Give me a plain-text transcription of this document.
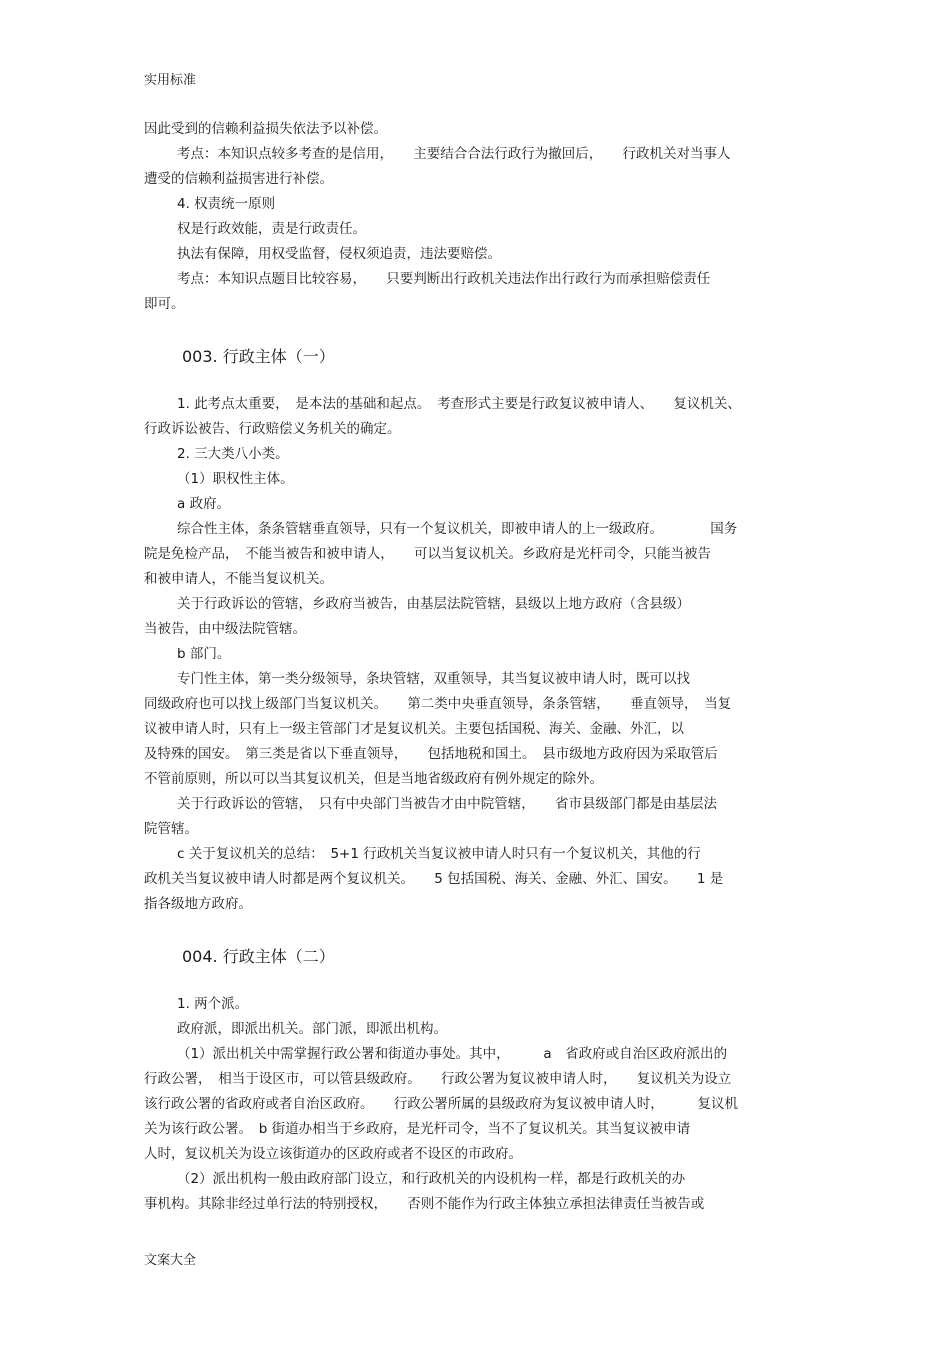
实用标准
因此受到的信赖利益损失依法予以补偿。
考点：本知识点较多考查的是信用，　　主要结合合法行政行为撤回后，　　行政机关对当事人
遭受的信赖利益损害进行补偿。
4. 权责统一原则
权是行政效能，责是行政责任。
执法有保障，用权受监督，侵权须追责，违法要赔偿。
考点：本知识点题目比较容易，　　只要判断出行政机关违法作出行政行为而承担赔偿责任
即可。
003. 行政主体（一）
1. 此考点太重要，　是本法的基础和起点。　考查形式主要是行政复议被申请人、　　复议机关、
行政诉讼被告、行政赔偿义务机关的确定。
2. 三大类八小类。
（1）职权性主体。
a 政府。
综合性主体，条条管辖垂直领导，只有一个复议机关，即被申请人的上一级政府。　　　　国务
院是免检产品，　不能当被告和被申请人，　　可以当复议机关。乡政府是光杆司令，只能当被告
和被申请人，不能当复议机关。
关于行政诉讼的管辖，乡政府当被告，由基层法院管辖，县级以上地方政府（含县级）
当被告，由中级法院管辖。
b 部门。
专门性主体，第一类分级领导，条块管辖，双重领导，其当复议被申请人时，既可以找
同级政府也可以找上级部门当复议机关。　　第二类中央垂直领导，条条管辖，　　垂直领导，　当复
议被申请人时，只有上一级主管部门才是复议机关。主要包括国税、海关、金融、外汇，以
及特殊的国安。　第三类是省以下垂直领导，　　包括地税和国土。　县市级地方政府因为采取管后
不管前原则，所以可以当其复议机关，但是当地省级政府有例外规定的除外。
关于行政诉讼的管辖，　只有中央部门当被告才由中院管辖，　　省市县级部门都是由基层法
院管辖。
c 关于复议机关的总结：　5+1 行政机关当复议被申请人时只有一个复议机关，其他的行
政机关当复议被申请人时都是两个复议机关。　　5 包括国税、海关、金融、外汇、国安。　　1 是
指各级地方政府。
004. 行政主体（二）
1. 两个派。
政府派，即派出机关。部门派，即派出机构。
（1）派出机关中需掌握行政公署和街道办事处。其中，　　　a　省政府或自治区政府派出的
行政公署，　相当于设区市，可以管县级政府。　　行政公署为复议被申请人时，　　复议机关为设立
该行政公署的省政府或者自治区政府。　　行政公署所属的县级政府为复议被申请人时，　　　复议机
关为该行政公署。　b 街道办相当于乡政府，是光杆司令，当不了复议机关。其当复议被申请
人时，复议机关为设立该街道办的区政府或者不设区的市政府。
（2）派出机构一般由政府部门设立，和行政机关的内设机构一样，都是行政机关的办
事机构。其除非经过单行法的特别授权，　　否则不能作为行政主体独立承担法律责任当被告或
文案大全
